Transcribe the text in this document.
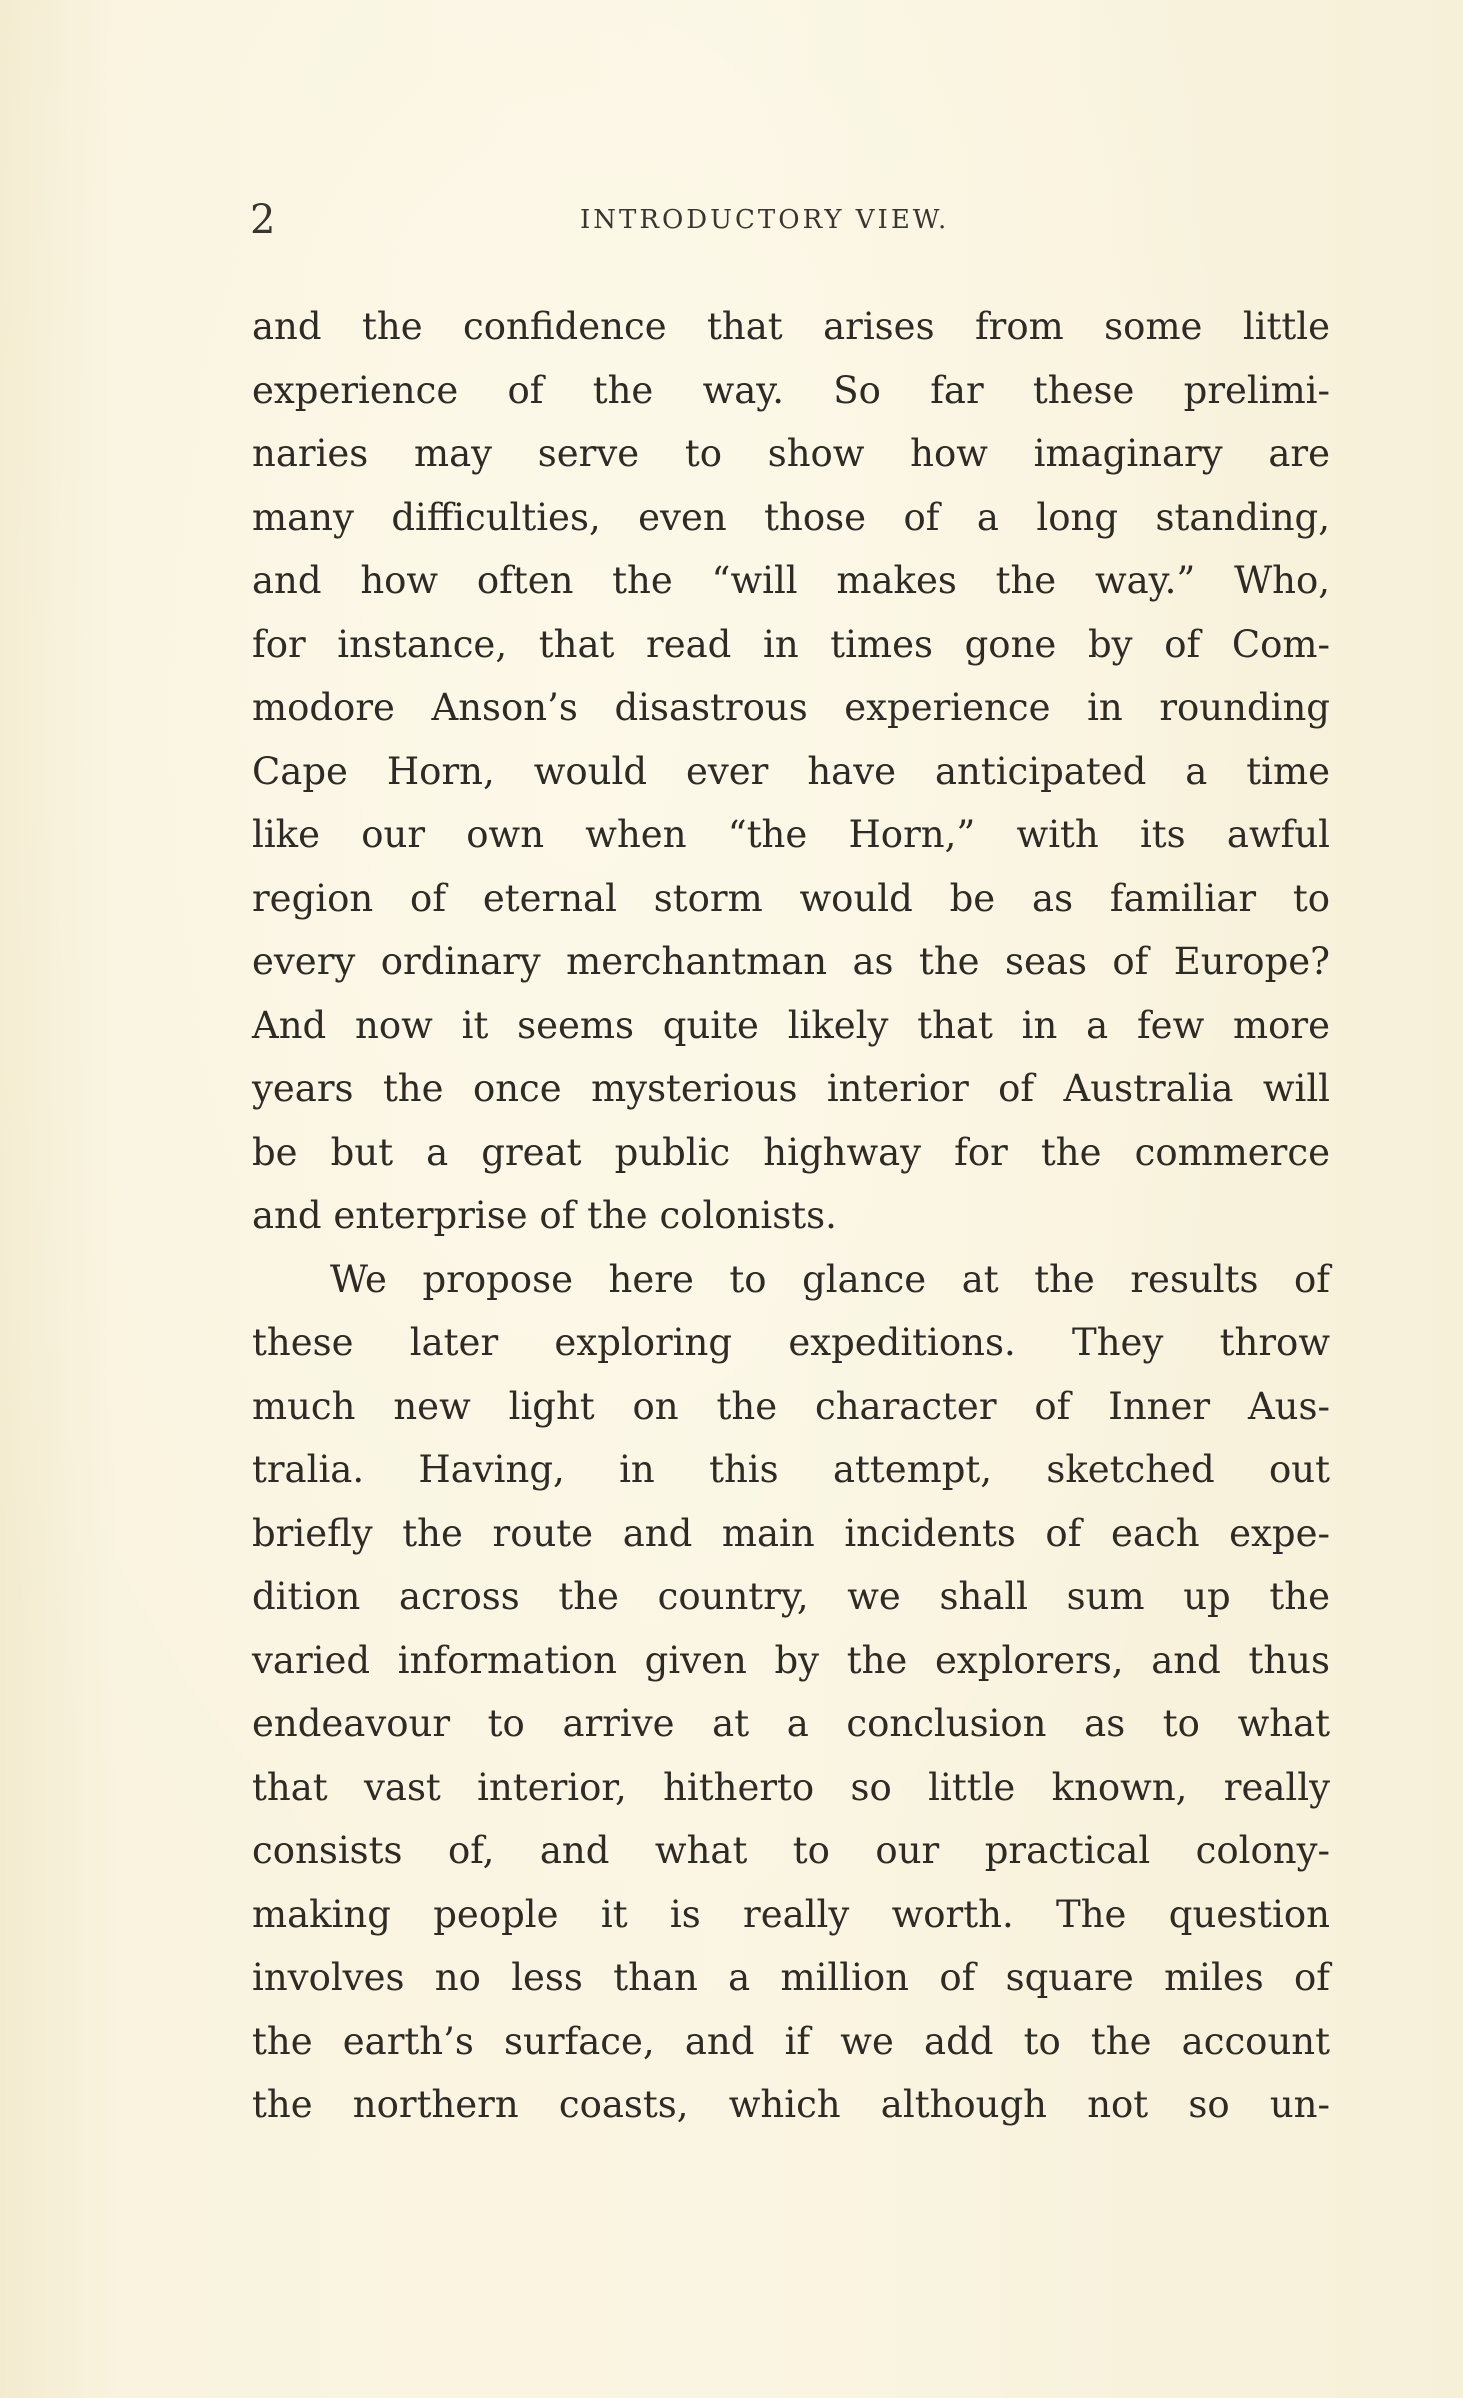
2	INTRODUCTORY VIEW.
and the confidence that arises from some little
experience of the way. So far these prelimi-
naries may serve to show how imaginary are
many difficulties, even those of a long standing,
and how often the “will makes the way.” Who,
for instance, that read in times gone by of Com-
modore Anson’s disastrous experience in rounding
Cape Horn, would ever have anticipated a time
like our own when “the Horn,” with its awful
region of eternal storm would be as familiar to
every ordinary merchantman as the seas of Europe?
And now it seems quite likely that in a few more
years the once mysterious interior of Australia will
be but a great public highway for the commerce
and enterprise of the colonists.
We propose here to glance at the results of
these later exploring expeditions. They throw
much new light on the character of Inner Aus-
tralia. Having, in this attempt, sketched out
briefly the route and main incidents of each expe-
dition across the country, we shall sum up the
varied information given by the explorers, and thus
endeavour to arrive at a conclusion as to what
that vast interior, hitherto so little known, really
consists of, and what to our practical colony-
making people it is really worth. The question
involves no less than a million of square miles of
the earth’s surface, and if we add to the account
the northern coasts, which although not so un-
